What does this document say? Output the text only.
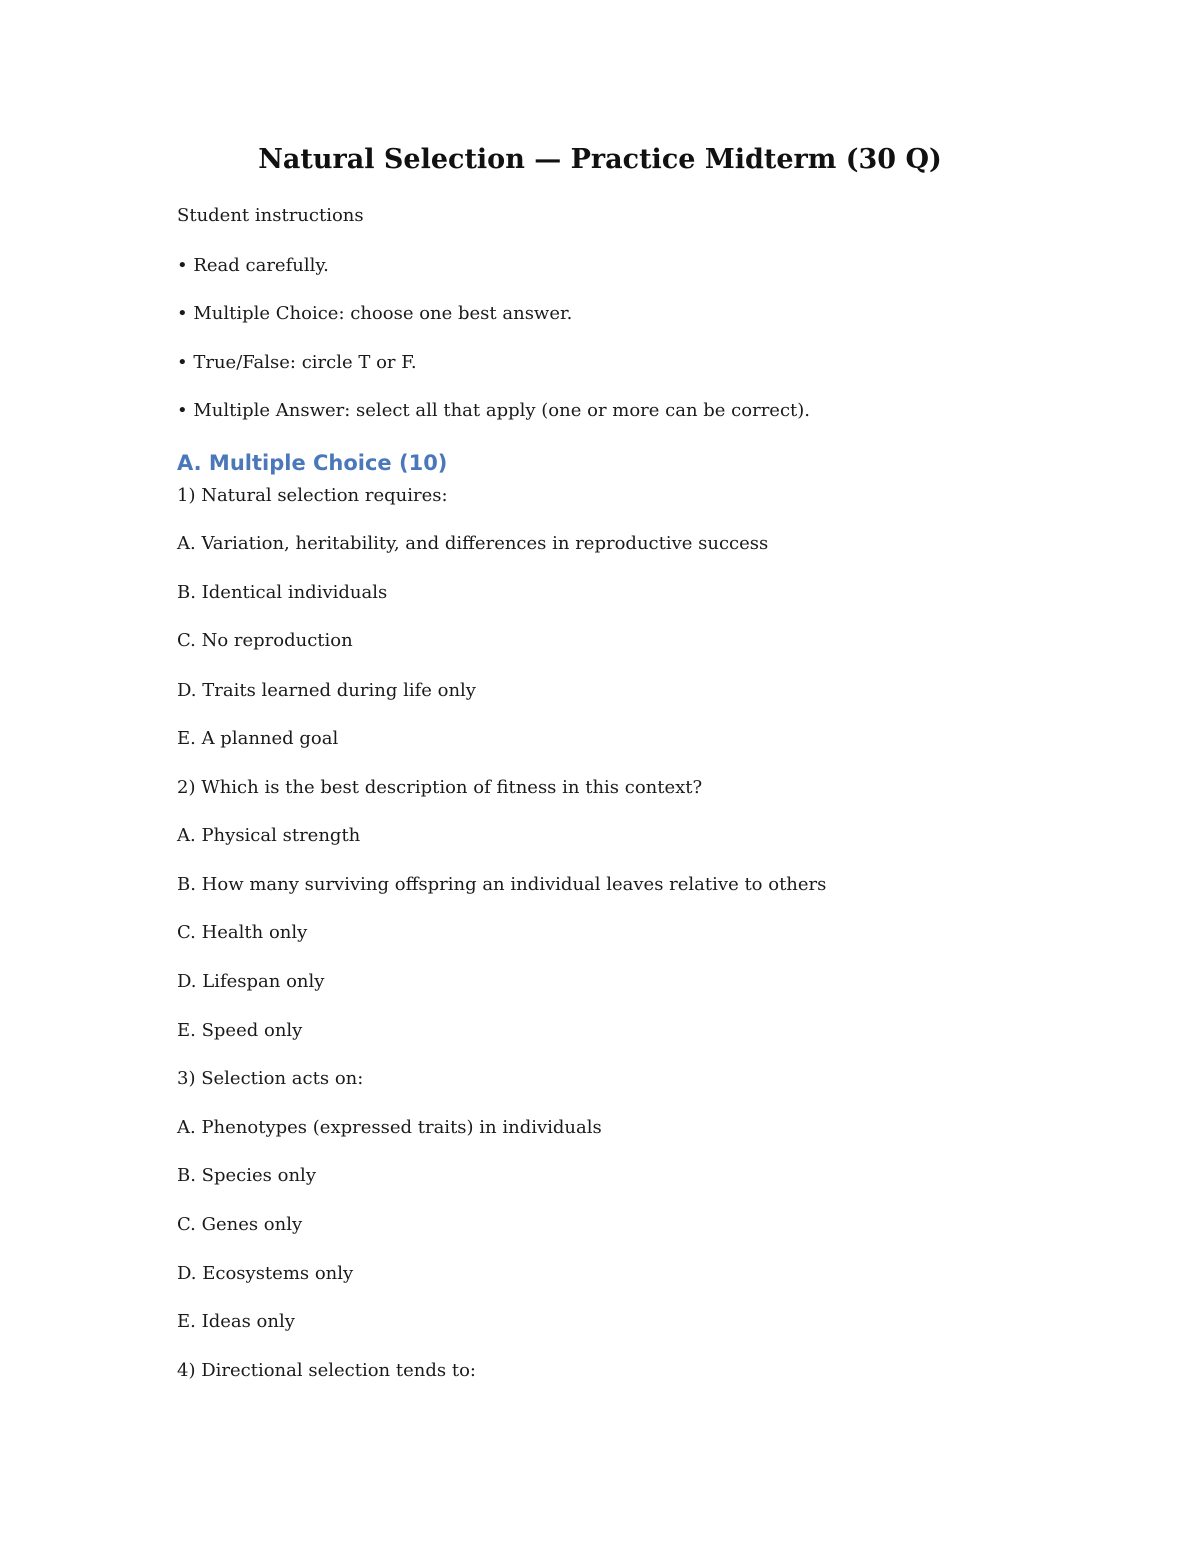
Natural Selection — Practice Midterm (30 Q)

Student instructions

• Read carefully.

• Multiple Choice: choose one best answer.

• True/False: circle T or F.

• Multiple Answer: select all that apply (one or more can be correct).

A. Multiple Choice (10)

1) Natural selection requires:

A. Variation, heritability, and differences in reproductive success

B. Identical individuals

C. No reproduction

D. Traits learned during life only

E. A planned goal

2) Which is the best description of fitness in this context?

A. Physical strength

B. How many surviving offspring an individual leaves relative to others

C. Health only

D. Lifespan only

E. Speed only

3) Selection acts on:

A. Phenotypes (expressed traits) in individuals

B. Species only

C. Genes only

D. Ecosystems only

E. Ideas only

4) Directional selection tends to:
